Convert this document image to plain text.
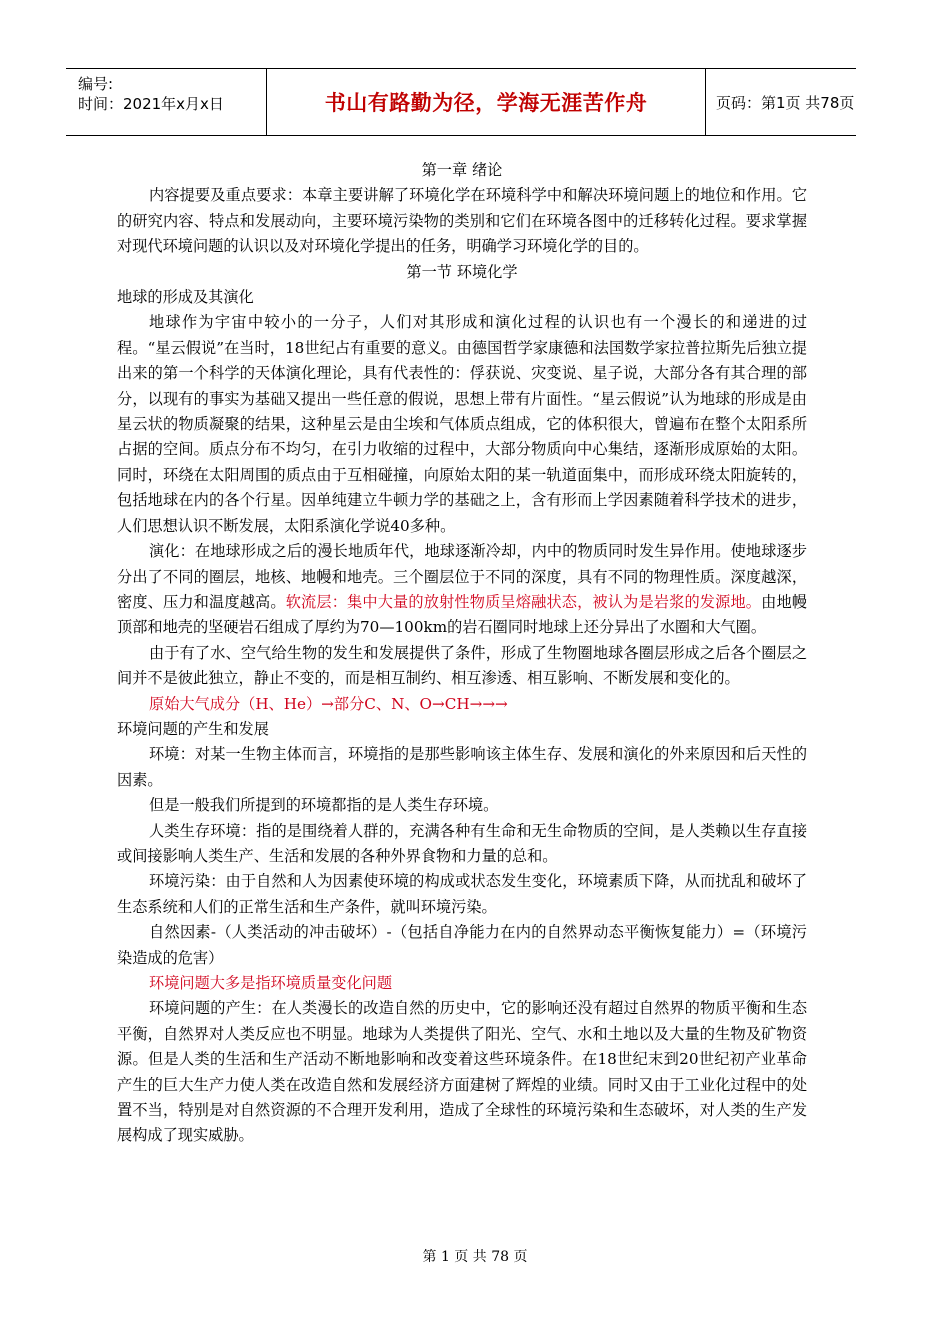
编号:
时间：2021年x月x日	书山有路勤为径，学海无涯苦作舟	页码：第1页 共78页

第一章 绪论

内容提要及重点要求：本章主要讲解了环境化学在环境科学中和解决环境问题上的地位和作用。它的研究内容、特点和发展动向，主要环境污染物的类别和它们在环境各图中的迁移转化过程。要求掌握对现代环境问题的认识以及对环境化学提出的任务，明确学习环境化学的目的。

第一节 环境化学

地球的形成及其演化

地球作为宇宙中较小的一分子，人们对其形成和演化过程的认识也有一个漫长的和递进的过程。“星云假说”在当时，18世纪占有重要的意义。由德国哲学家康德和法国数学家拉普拉斯先后独立提出来的第一个科学的天体演化理论，具有代表性的：俘获说、灾变说、星子说，大部分各有其合理的部分，以现有的事实为基础又提出一些任意的假说，思想上带有片面性。“星云假说”认为地球的形成是由星云状的物质凝聚的结果，这种星云是由尘埃和气体质点组成，它的体积很大，曾遍布在整个太阳系所占据的空间。质点分布不均匀，在引力收缩的过程中，大部分物质向中心集结，逐渐形成原始的太阳。同时，环绕在太阳周围的质点由于互相碰撞，向原始太阳的某一轨道面集中，而形成环绕太阳旋转的，包括地球在内的各个行星。因单纯建立牛顿力学的基础之上，含有形而上学因素随着科学技术的进步，人们思想认识不断发展，太阳系演化学说40多种。

演化：在地球形成之后的漫长地质年代，地球逐渐冷却，内中的物质同时发生异作用。使地球逐步分出了不同的圈层，地核、地幔和地壳。三个圈层位于不同的深度，具有不同的物理性质。深度越深，密度、压力和温度越高。软流层：集中大量的放射性物质呈熔融状态，被认为是岩浆的发源地。由地幔顶部和地壳的坚硬岩石组成了厚约为70—100km的岩石圈同时地球上还分异出了水圈和大气圈。

由于有了水、空气给生物的发生和发展提供了条件，形成了生物圈地球各圈层形成之后各个圈层之间并不是彼此独立，静止不变的，而是相互制约、相互渗透、相互影响、不断发展和变化的。

原始大气成分（H、He）→部分C、N、O→CH→→→

环境问题的产生和发展

环境：对某一生物主体而言，环境指的是那些影响该主体生存、发展和演化的外来原因和后天性的因素。

但是一般我们所提到的环境都指的是人类生存环境。

人类生存环境：指的是围绕着人群的，充满各种有生命和无生命物质的空间，是人类赖以生存直接或间接影响人类生产、生活和发展的各种外界食物和力量的总和。

环境污染：由于自然和人为因素使环境的构成或状态发生变化，环境素质下降，从而扰乱和破坏了生态系统和人们的正常生活和生产条件，就叫环境污染。

自然因素-（人类活动的冲击破坏）-（包括自净能力在内的自然界动态平衡恢复能力）=（环境污染造成的危害）

环境问题大多是指环境质量变化问题

环境问题的产生：在人类漫长的改造自然的历史中，它的影响还没有超过自然界的物质平衡和生态平衡，自然界对人类反应也不明显。地球为人类提供了阳光、空气、水和土地以及大量的生物及矿物资源。但是人类的生活和生产活动不断地影响和改变着这些环境条件。在18世纪末到20世纪初产业革命产生的巨大生产力使人类在改造自然和发展经济方面建树了辉煌的业绩。同时又由于工业化过程中的处置不当，特别是对自然资源的不合理开发利用，造成了全球性的环境污染和生态破坏，对人类的生产发展构成了现实威胁。

第 1 页 共 78 页
